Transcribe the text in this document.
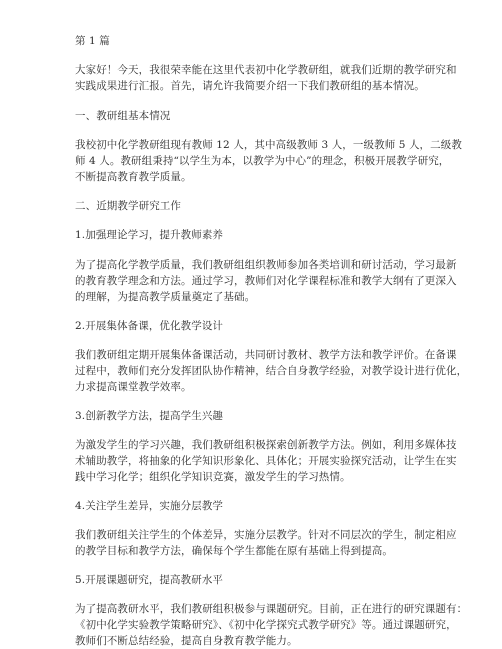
第 1 篇
大家好！今天，我很荣幸能在这里代表初中化学教研组，就我们近期的教学研究和
实践成果进行汇报。首先，请允许我简要介绍一下我们教研组的基本情况。
一、教研组基本情况
我校初中化学教研组现有教师 12 人，其中高级教师 3 人，一级教师 5 人，二级教
师 4 人。教研组秉持“以学生为本，以教学为中心”的理念，积极开展教学研究，
不断提高教育教学质量。
二、近期教学研究工作
1.加强理论学习，提升教师素养
为了提高化学教学质量，我们教研组组织教师参加各类培训和研讨活动，学习最新
的教育教学理念和方法。通过学习，教师们对化学课程标准和教学大纲有了更深入
的理解，为提高教学质量奠定了基础。
2.开展集体备课，优化教学设计
我们教研组定期开展集体备课活动，共同研讨教材、教学方法和教学评价。在备课
过程中，教师们充分发挥团队协作精神，结合自身教学经验，对教学设计进行优化，
力求提高课堂教学效率。
3.创新教学方法，提高学生兴趣
为激发学生的学习兴趣，我们教研组积极探索创新教学方法。例如，利用多媒体技
术辅助教学，将抽象的化学知识形象化、具体化；开展实验探究活动，让学生在实
践中学习化学；组织化学知识竞赛，激发学生的学习热情。
4.关注学生差异，实施分层教学
我们教研组关注学生的个体差异，实施分层教学。针对不同层次的学生，制定相应
的教学目标和教学方法，确保每个学生都能在原有基础上得到提高。
5.开展课题研究，提高教研水平
为了提高教研水平，我们教研组积极参与课题研究。目前，正在进行的研究课题有：
《初中化学实验教学策略研究》、《初中化学探究式教学研究》等。通过课题研究，
教师们不断总结经验，提高自身教育教学能力。
